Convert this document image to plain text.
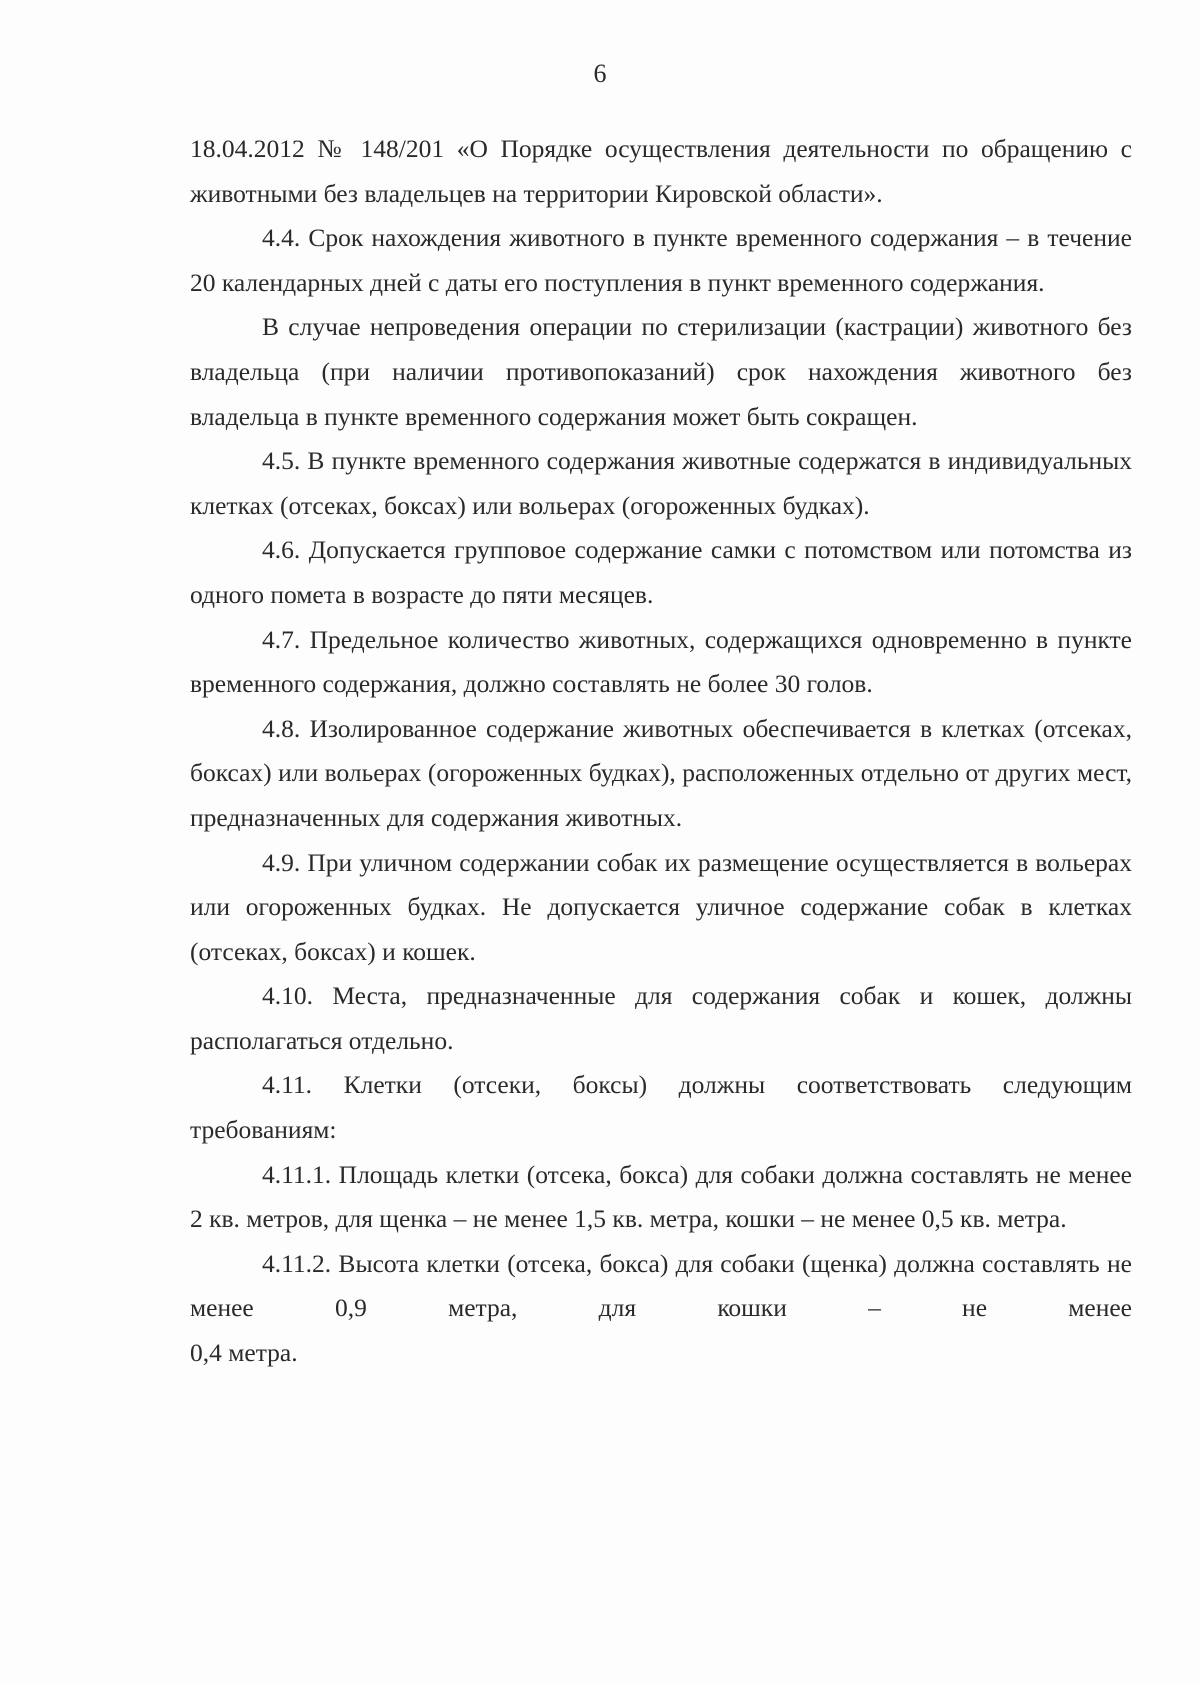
6

18.04.2012 № 148/201 «О Порядке осуществления деятельности по обращению с животными без владельцев на территории Кировской области».

4.4. Срок нахождения животного в пункте временного содержания – в течение 20 календарных дней с даты его поступления в пункт временного содержания.

В случае непроведения операции по стерилизации (кастрации) животного без владельца (при наличии противопоказаний) срок нахождения животного без владельца в пункте временного содержания может быть сокращен.

4.5. В пункте временного содержания животные содержатся в индивидуальных клетках (отсеках, боксах) или вольерах (огороженных будках).

4.6. Допускается групповое содержание самки с потомством или потомства из одного помета в возрасте до пяти месяцев.

4.7. Предельное количество животных, содержащихся одновременно в пункте временного содержания, должно составлять не более 30 голов.

4.8. Изолированное содержание животных обеспечивается в клетках (отсеках, боксах) или вольерах (огороженных будках), расположенных отдельно от других мест, предназначенных для содержания животных.

4.9. При уличном содержании собак их размещение осуществляется в вольерах или огороженных будках. Не допускается уличное содержание собак в клетках (отсеках, боксах) и кошек.

4.10. Места, предназначенные для содержания собак и кошек, должны располагаться отдельно.

4.11. Клетки (отсеки, боксы) должны соответствовать следующим требованиям:

4.11.1. Площадь клетки (отсека, бокса) для собаки должна составлять не менее 2 кв. метров, для щенка – не менее 1,5 кв. метра, кошки – не менее 0,5 кв. метра.

4.11.2. Высота клетки (отсека, бокса) для собаки (щенка) должна составлять не менее 0,9 метра, для кошки – не менее

0,4 метра.
